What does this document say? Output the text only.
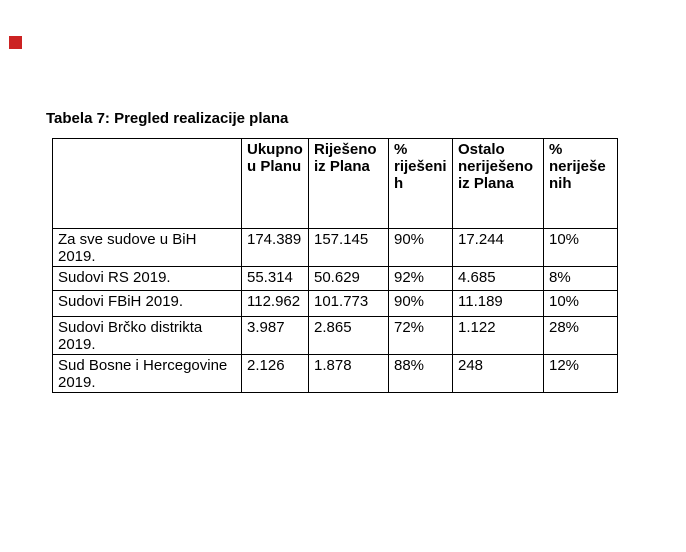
Tabela 7: Pregled realizacije plana
	Ukupno u Planu	Riješeno iz Plana	% riješenih	Ostalo neriješeno iz Plana	% neriješenih
Za sve sudove u BiH 2019.	174.389	157.145	90%	17.244	10%
Sudovi RS 2019.	55.314	50.629	92%	4.685	8%
Sudovi FBiH 2019.	112.962	101.773	90%	11.189	10%
Sudovi Brčko distrikta 2019.	3.987	2.865	72%	1.122	28%
Sud Bosne i Hercegovine 2019.	2.126	1.878	88%	248	12%
